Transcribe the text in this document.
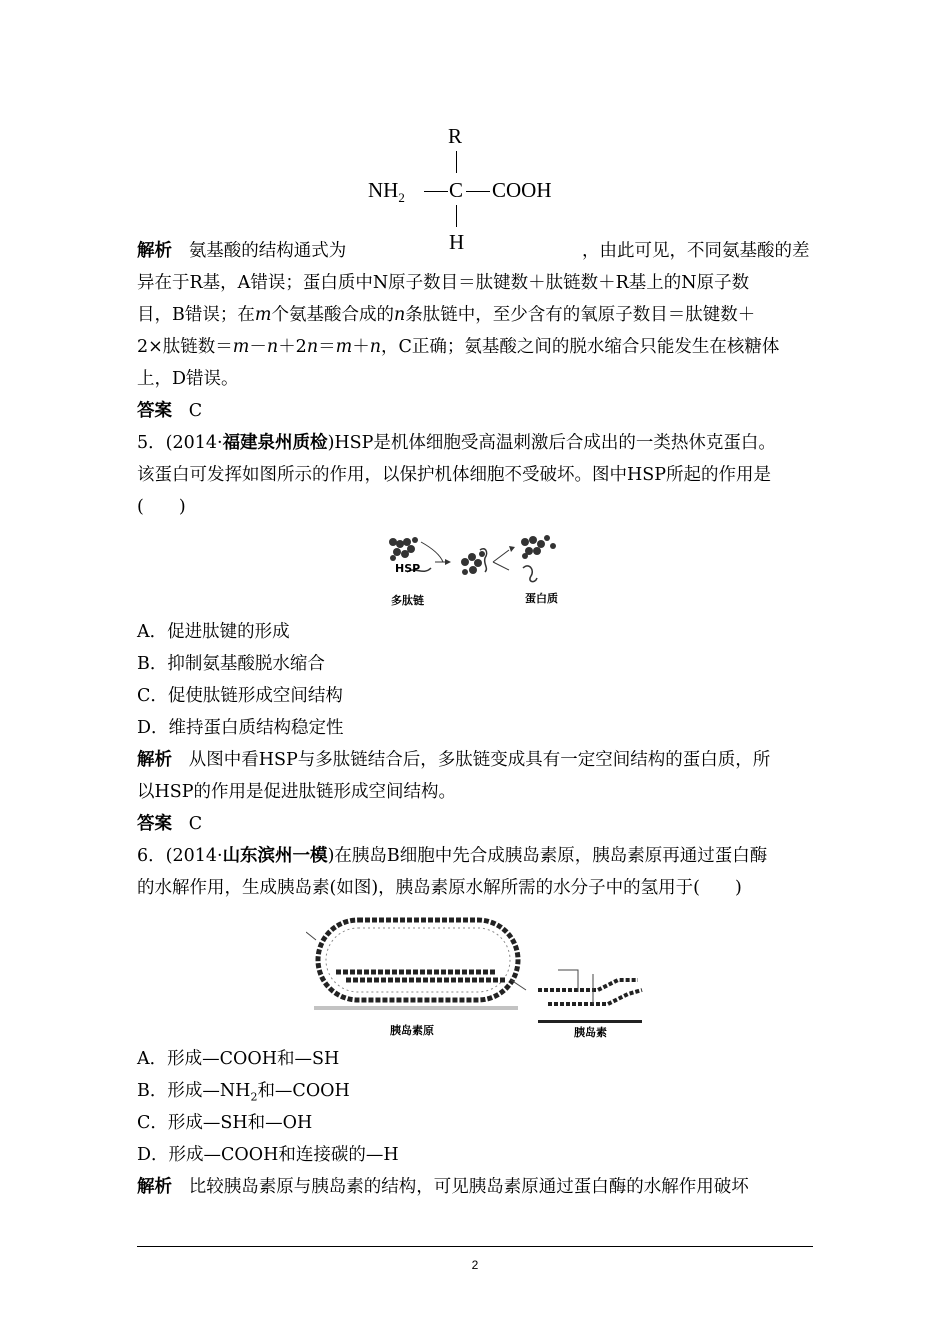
R
$NH_2$ C COOH
H
解析 氨基酸的结构通式为	，由此可见，不同氨基酸的差
异在于R基，A错误；蛋白质中N原子数目＝肽键数＋肽链数＋R基上的N原子数
目，B错误；在m个氨基酸合成的n条肽链中，至少含有的氧原子数目＝肽键数＋
2×肽链数＝m－n＋2n＝m＋n，C正确；氨基酸之间的脱水缩合只能发生在核糖体
上，D错误。
答案 C
5．(2014·福建泉州质检)HSP是机体细胞受高温刺激后合成出的一类热休克蛋白。
该蛋白可发挥如图所示的作用，以保护机体细胞不受破坏。图中HSP所起的作用是
(　　)
HSP
多肽链	蛋白质
A．促进肽键的形成
B．抑制氨基酸脱水缩合
C．促使肽链形成空间结构
D．维持蛋白质结构稳定性
解析 从图中看HSP与多肽链结合后，多肽链变成具有一定空间结构的蛋白质，所
以HSP的作用是促进肽链形成空间结构。
答案 C
6．(2014·山东滨州一模)在胰岛B细胞中先合成胰岛素原，胰岛素原再通过蛋白酶
的水解作用，生成胰岛素(如图)，胰岛素原水解所需的水分子中的氢用于(　　)
胰岛素原	胰岛素
A．形成—COOH和—SH
B．形成$—NH_2$和—COOH
C．形成—SH和—OH
D．形成—COOH和连接碳的—H
解析 比较胰岛素原与胰岛素的结构，可见胰岛素原通过蛋白酶的水解作用破坏
2
